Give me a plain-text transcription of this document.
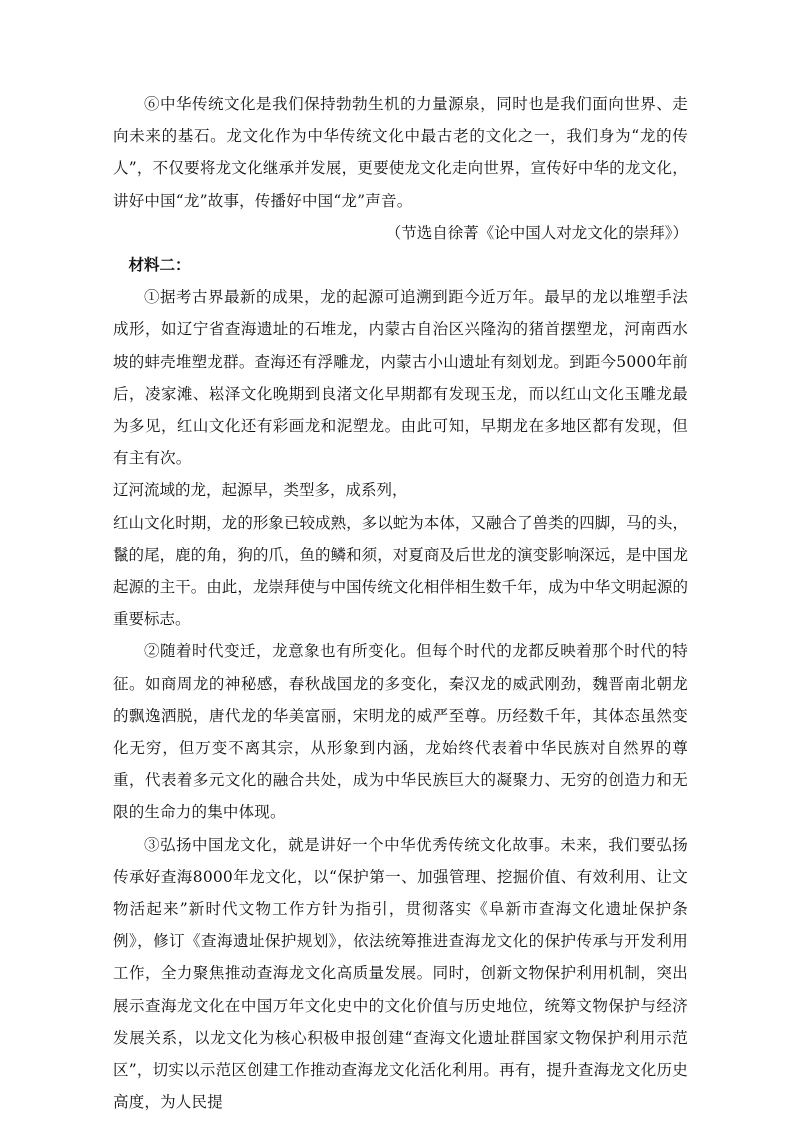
⑥中华传统文化是我们保持勃勃生机的力量源泉，同时也是我们面向世界、走向未来的基石。龙文化作为中华传统文化中最古老的文化之一，我们身为“龙的传人”，不仅要将龙文化继承并发展，更要使龙文化走向世界，宣传好中华的龙文化，讲好中国“龙”故事，传播好中国“龙”声音。

（节选自徐菁《论中国人对龙文化的崇拜》）

材料二：

①据考古界最新的成果，龙的起源可追溯到距今近万年。最早的龙以堆塑手法成形，如辽宁省查海遗址的石堆龙，内蒙古自治区兴隆沟的猪首摆塑龙，河南西水坡的蚌壳堆塑龙群。查海还有浮雕龙，内蒙古小山遗址有刻划龙。到距今5000年前后，凌家滩、崧泽文化晚期到良渚文化早期都有发现玉龙，而以红山文化玉雕龙最为多见，红山文化还有彩画龙和泥塑龙。由此可知，早期龙在多地区都有发现，但有主有次。

辽河流域的龙，起源早，类型多，成系列，

红山文化时期，龙的形象已较成熟，多以蛇为本体，又融合了兽类的四脚，马的头，鬣的尾，鹿的角，狗的爪，鱼的鳞和须，对夏商及后世龙的演变影响深远，是中国龙起源的主干。由此，龙崇拜使与中国传统文化相伴相生数千年，成为中华文明起源的重要标志。

②随着时代变迁，龙意象也有所变化。但每个时代的龙都反映着那个时代的特征。如商周龙的神秘感，春秋战国龙的多变化，秦汉龙的威武刚劲，魏晋南北朝龙的飘逸洒脱，唐代龙的华美富丽，宋明龙的威严至尊。历经数千年，其体态虽然变化无穷，但万变不离其宗，从形象到内涵，龙始终代表着中华民族对自然界的尊重，代表着多元文化的融合共处，成为中华民族巨大的凝聚力、无穷的创造力和无限的生命力的集中体现。

③弘扬中国龙文化，就是讲好一个中华优秀传统文化故事。未来，我们要弘扬传承好查海8000年龙文化，以“保护第一、加强管理、挖掘价值、有效利用、让文物活起来”新时代文物工作方针为指引，贯彻落实《阜新市查海文化遗址保护条例》，修订《查海遗址保护规划》，依法统筹推进查海龙文化的保护传承与开发利用工作，全力聚焦推动查海龙文化高质量发展。同时，创新文物保护利用机制，突出展示查海龙文化在中国万年文化史中的文化价值与历史地位，统筹文物保护与经济发展关系，以龙文化为核心积极申报创建“查海文化遗址群国家文物保护利用示范区”，切实以示范区创建工作推动查海龙文化活化利用。再有，提升查海龙文化历史高度，为人民提
